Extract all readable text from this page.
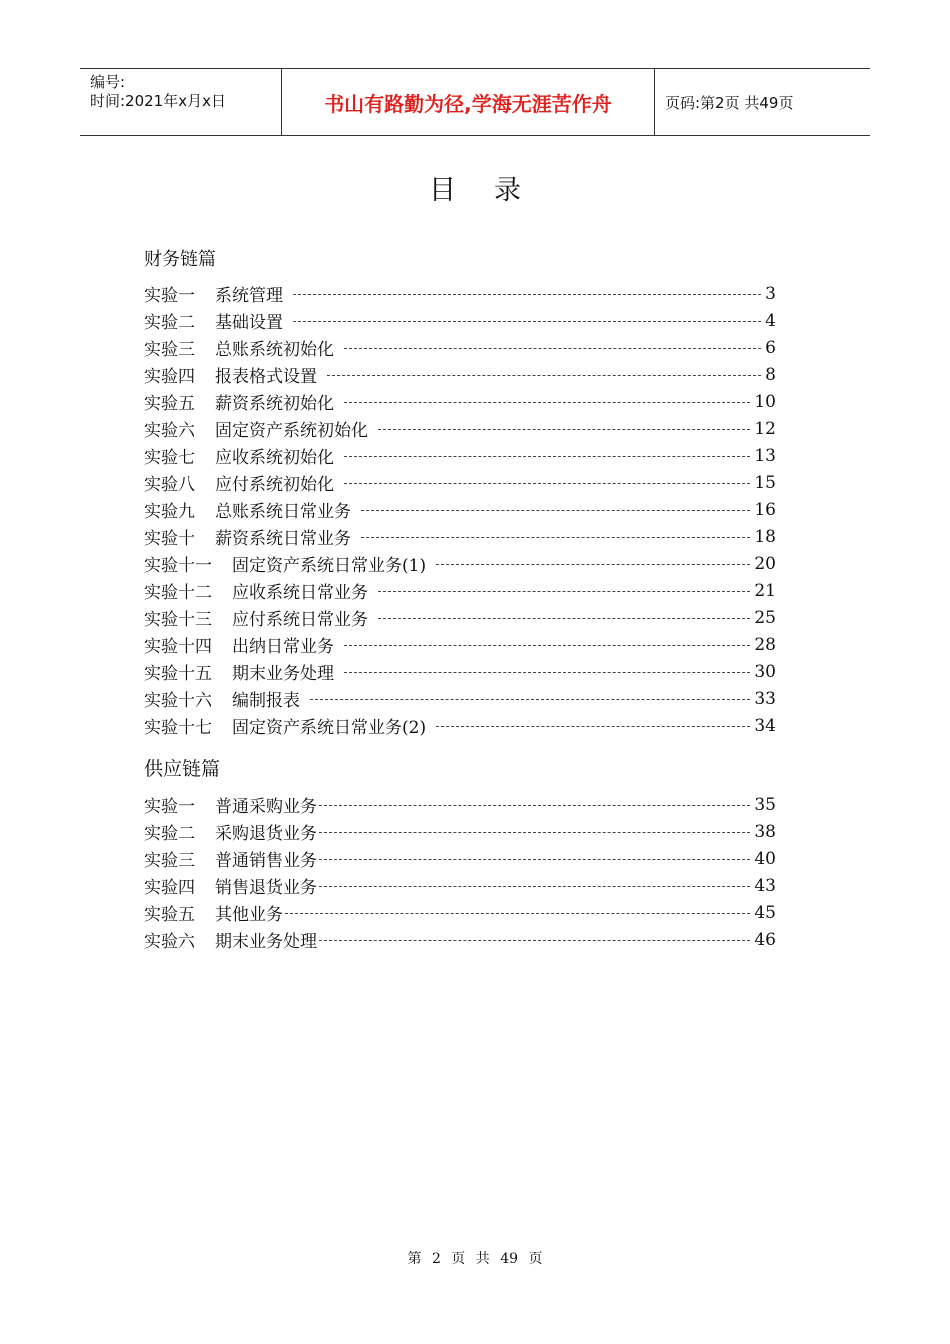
编号:
时间:2021年x月x日	书山有路勤为径,学海无涯苦作舟	页码:第2页 共49页
目录
财务链篇
实验一 系统管理	3
实验二 基础设置	4
实验三 总账系统初始化	6
实验四 报表格式设置	8
实验五 薪资系统初始化	10
实验六 固定资产系统初始化	12
实验七 应收系统初始化	13
实验八 应付系统初始化	15
实验九 总账系统日常业务	16
实验十 薪资系统日常业务	18
实验十一 固定资产系统日常业务(1)	20
实验十二 应收系统日常业务	21
实验十三 应付系统日常业务	25
实验十四 出纳日常业务	28
实验十五 期末业务处理	30
实验十六 编制报表	33
实验十七 固定资产系统日常业务(2)	34
供应链篇
实验一 普通采购业务	35
实验二 采购退货业务	38
实验三 普通销售业务	40
实验四 销售退货业务	43
实验五 其他业务	45
实验六 期末业务处理	46
第 2 页 共 49 页
